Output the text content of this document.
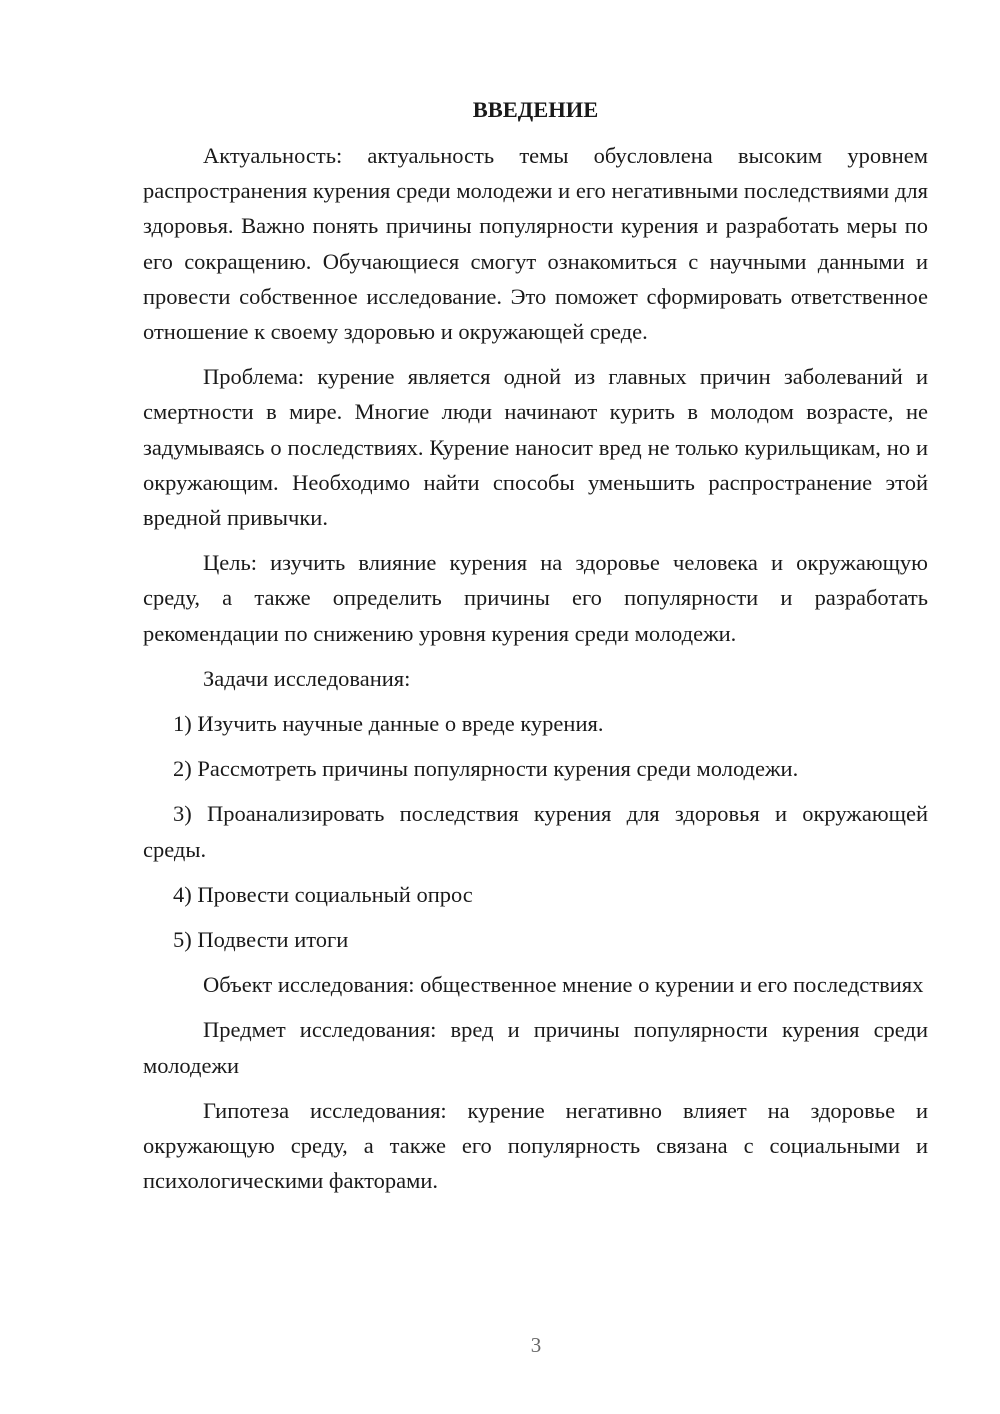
ВВЕДЕНИЕ

Актуальность: актуальность темы обусловлена высоким уровнем распространения курения среди молодежи и его негативными последствиями для здоровья. Важно понять причины популярности курения и разработать меры по его сокращению. Обучающиеся смогут ознакомиться с научными данными и провести собственное исследование. Это поможет сформировать ответственное отношение к своему здоровью и окружающей среде.

Проблема: курение является одной из главных причин заболеваний и смертности в мире. Многие люди начинают курить в молодом возрасте, не задумываясь о последствиях. Курение наносит вред не только курильщикам, но и окружающим. Необходимо найти способы уменьшить распространение этой вредной привычки.

Цель: изучить влияние курения на здоровье человека и окружающую среду, а также определить причины его популярности и разработать рекомендации по снижению уровня курения среди молодежи.

Задачи исследования:

1) Изучить научные данные о вреде курения.

2) Рассмотреть причины популярности курения среди молодежи.

3) Проанализировать последствия курения для здоровья и окружающей среды.

4) Провести социальный опрос

5) Подвести итоги

Объект исследования: общественное мнение о курении и его последствиях

Предмет исследования: вред и причины популярности курения среди молодежи

Гипотеза исследования: курение негативно влияет на здоровье и окружающую среду, а также его популярность связана с социальными и психологическими факторами.

3
